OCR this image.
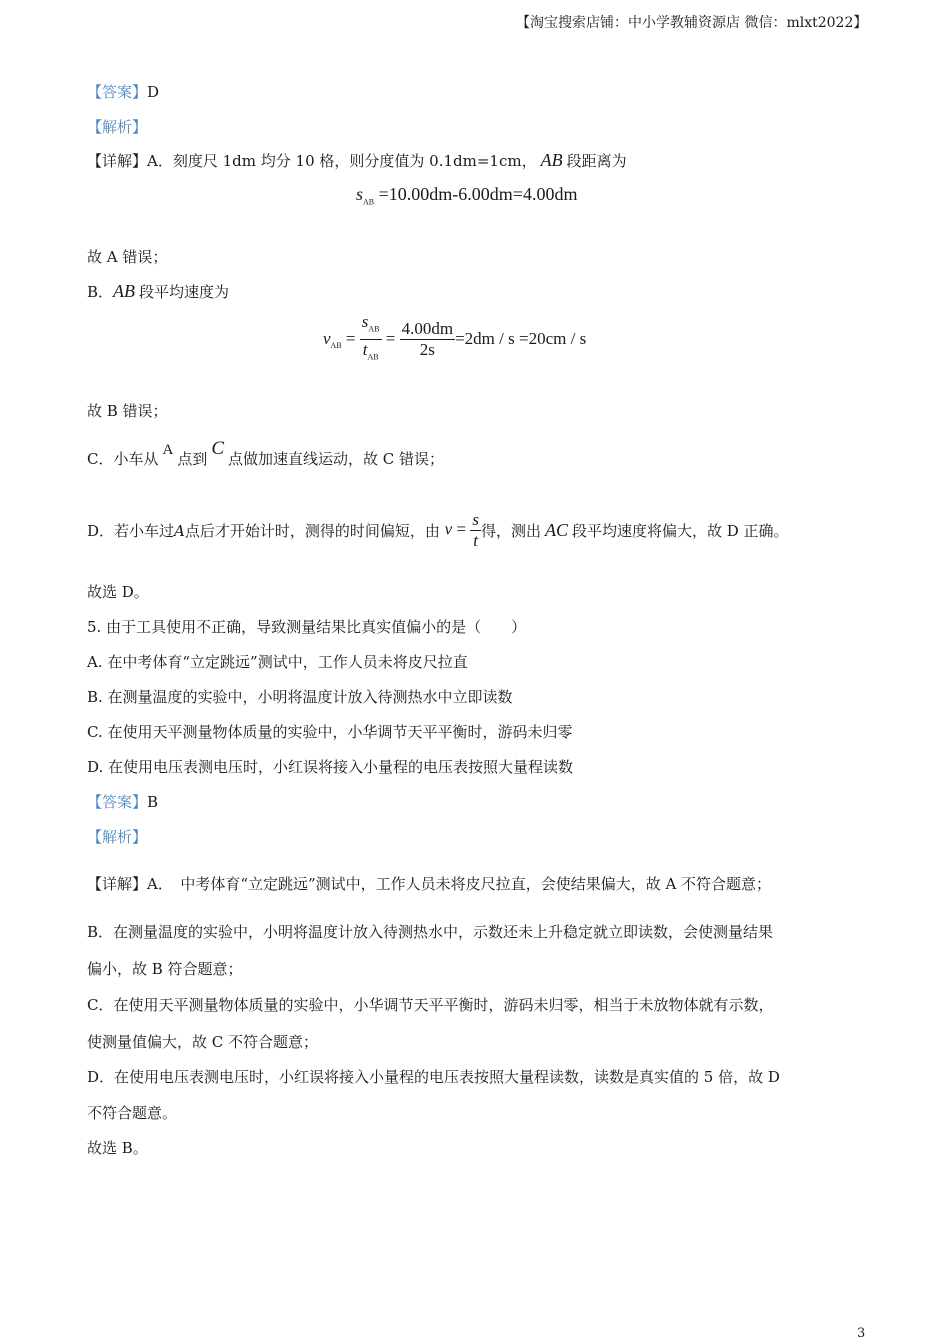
【淘宝搜索店铺：中小学教辅资源店 微信：mlxt2022】
【答案】D
【解析】
【详解】A．刻度尺 1dm 均分 10 格，则分度值为 0.1dm=1cm， AB 段距离为
$s_{AB} =10.00dm-6.00dm=4.00dm$
故 A 错误；
B．AB 段平均速度为
$v_{AB} = \frac{s_{AB}}{t_{AB}} = \frac{4.00dm}{2s} =2dm / s =20cm / s$
故 B 错误；
C．小车从 A 点到 C 点做加速直线运动，故 C 错误；
D．若小车过A点后才开始计时，测得的时间偏短，由 $v = \frac{s}{t}$ 得，测出 AC 段平均速度将偏大，故 D 正确。
故选 D。
5. 由于工具使用不正确，导致测量结果比真实值偏小的是（　　）
A. 在中考体育“立定跳远”测试中，工作人员未将皮尺拉直
B. 在测量温度的实验中，小明将温度计放入待测热水中立即读数
C. 在使用天平测量物体质量的实验中，小华调节天平平衡时，游码未归零
D. 在使用电压表测电压时，小红误将接入小量程的电压表按照大量程读数
【答案】B
【解析】
【详解】A．　中考体育“立定跳远”测试中，工作人员未将皮尺拉直，会使结果偏大，故 A 不符合题意；
B．在测量温度的实验中，小明将温度计放入待测热水中，示数还未上升稳定就立即读数，会使测量结果
偏小，故 B 符合题意；
C．在使用天平测量物体质量的实验中，小华调节天平平衡时，游码未归零，相当于未放物体就有示数，
使测量值偏大，故 C 不符合题意；
D．在使用电压表测电压时，小红误将接入小量程的电压表按照大量程读数，读数是真实值的 5 倍，故 D
不符合题意。
故选 B。
3
